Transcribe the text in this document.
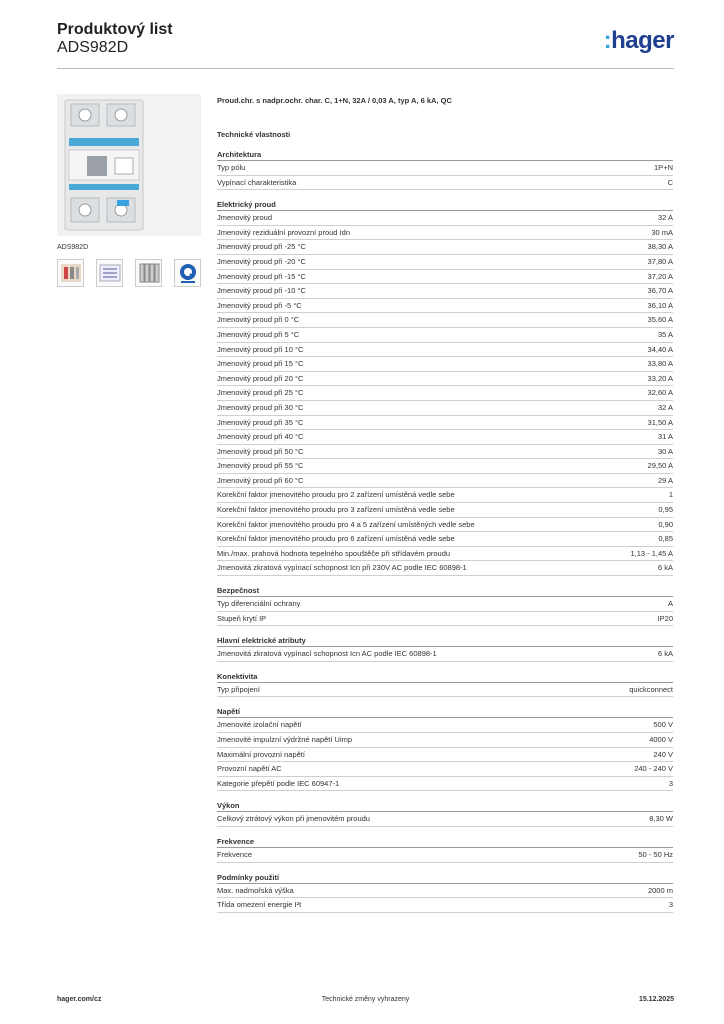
Produktový list
ADS982D	:hager
ADS982D
Proud.chr. s nadpr.ochr. char. C, 1+N, 32A / 0,03 A, typ A, 6 kA, QC
Technické vlastnosti
Architektura
Typ pólu	1P+N
Vypínací charakteristika	C
Elektrický proud
Jmenovitý proud	32 A
Jmenovitý reziduální provozní proud Idn	30 mA
Jmenovitý proud při -25 °C	38,30 A
Jmenovitý proud při -20 °C	37,80 A
Jmenovitý proud při -15 °C	37,20 A
Jmenovitý proud při -10 °C	36,70 A
Jmenovitý proud při -5 °C	36,10 A
Jmenovitý proud při 0 °C	35,60 A
Jmenovitý proud při 5 °C	35 A
Jmenovitý proud při 10 °C	34,40 A
Jmenovitý proud při 15 °C	33,80 A
Jmenovitý proud při 20 °C	33,20 A
Jmenovitý proud při 25 °C	32,60 A
Jmenovitý proud při 30 °C	32 A
Jmenovitý proud při 35 °C	31,50 A
Jmenovitý proud při 40 °C	31 A
Jmenovitý proud při 50 °C	30 A
Jmenovitý proud při 55 °C	29,50 A
Jmenovitý proud při 60 °C	29 A
Korekční faktor jmenovitého proudu pro 2 zařízení umístěná vedle sebe	1
Korekční faktor jmenovitého proudu pro 3 zařízení umístěná vedle sebe	0,95
Korekční faktor jmenovitého proudu pro 4 a 5 zařízení umístěných vedle sebe	0,90
Korekční faktor jmenovitého proudu pro 6 zařízení umístěná vedle sebe	0,85
Min./max. prahová hodnota tepelného spouštěče při střídavém proudu	1,13 - 1,45 A
Jmenovitá zkratová vypínací schopnost Icn při 230V AC podle IEC 60898-1	6 kA
Bezpečnost
Typ diferenciální ochrany	A
Stupeň krytí IP	IP20
Hlavní elektrické atributy
Jmenovitá zkratová vypínací schopnost Icn AC podle IEC 60898-1	6 kA
Konektivita
Typ připojení	quickconnect
Napětí
Jmenovité izolační napětí	500 V
Jmenovité impulzní výdržné napětí Uimp	4000 V
Maximální provozní napětí	240 V
Provozní napětí AC	240 - 240 V
Kategorie přepětí podle IEC 60947-1	3
Výkon
Celkový ztrátový výkon při jmenovitém proudu	8,30 W
Frekvence
Frekvence	50 - 50 Hz
Podmínky použití
Max. nadmořská výška	2000 m
Třída omezení energie I²t	3
hager.com/cz	Technické změny vyhrazeny	15.12.2025
